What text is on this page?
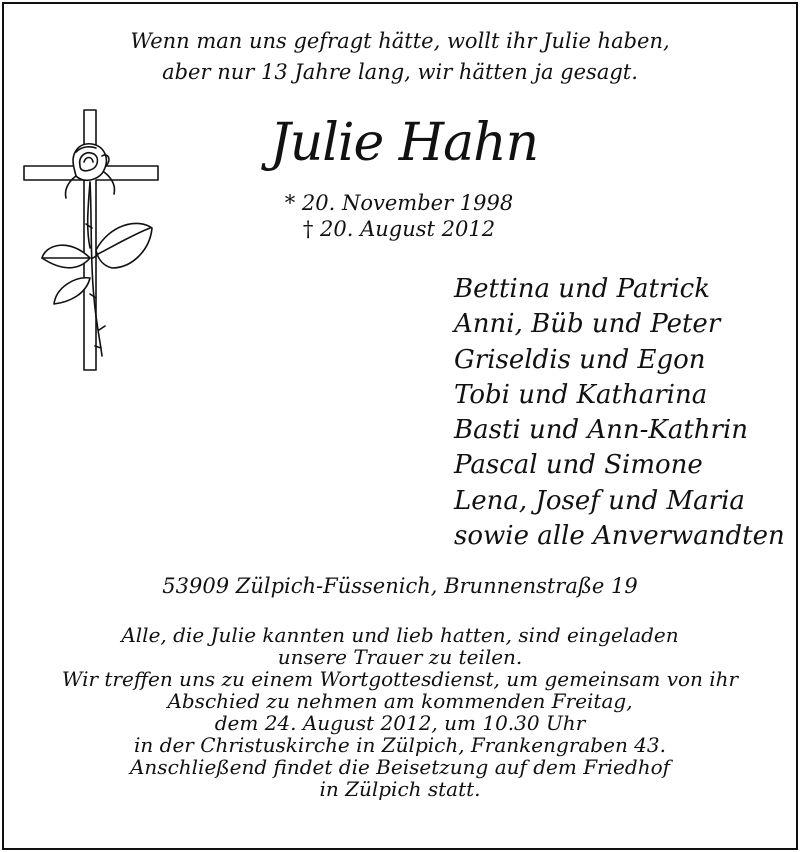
Wenn man uns gefragt hätte, wollt ihr Julie haben,
aber nur 13 Jahre lang, wir hätten ja gesagt.
Julie Hahn
* 20. November 1998
† 20. August 2012
Bettina und Patrick
Anni, Büb und Peter
Griseldis und Egon
Tobi und Katharina
Basti und Ann-Kathrin
Pascal und Simone
Lena, Josef und Maria
sowie alle Anverwandten
53909 Zülpich-Füssenich, Brunnenstraße 19
Alle, die Julie kannten und lieb hatten, sind eingeladen
unsere Trauer zu teilen.
Wir treffen uns zu einem Wortgottesdienst, um gemeinsam von ihr
Abschied zu nehmen am kommenden Freitag,
dem 24. August 2012, um 10.30 Uhr
in der Christuskirche in Zülpich, Frankengraben 43.
Anschließend findet die Beisetzung auf dem Friedhof
in Zülpich statt.
